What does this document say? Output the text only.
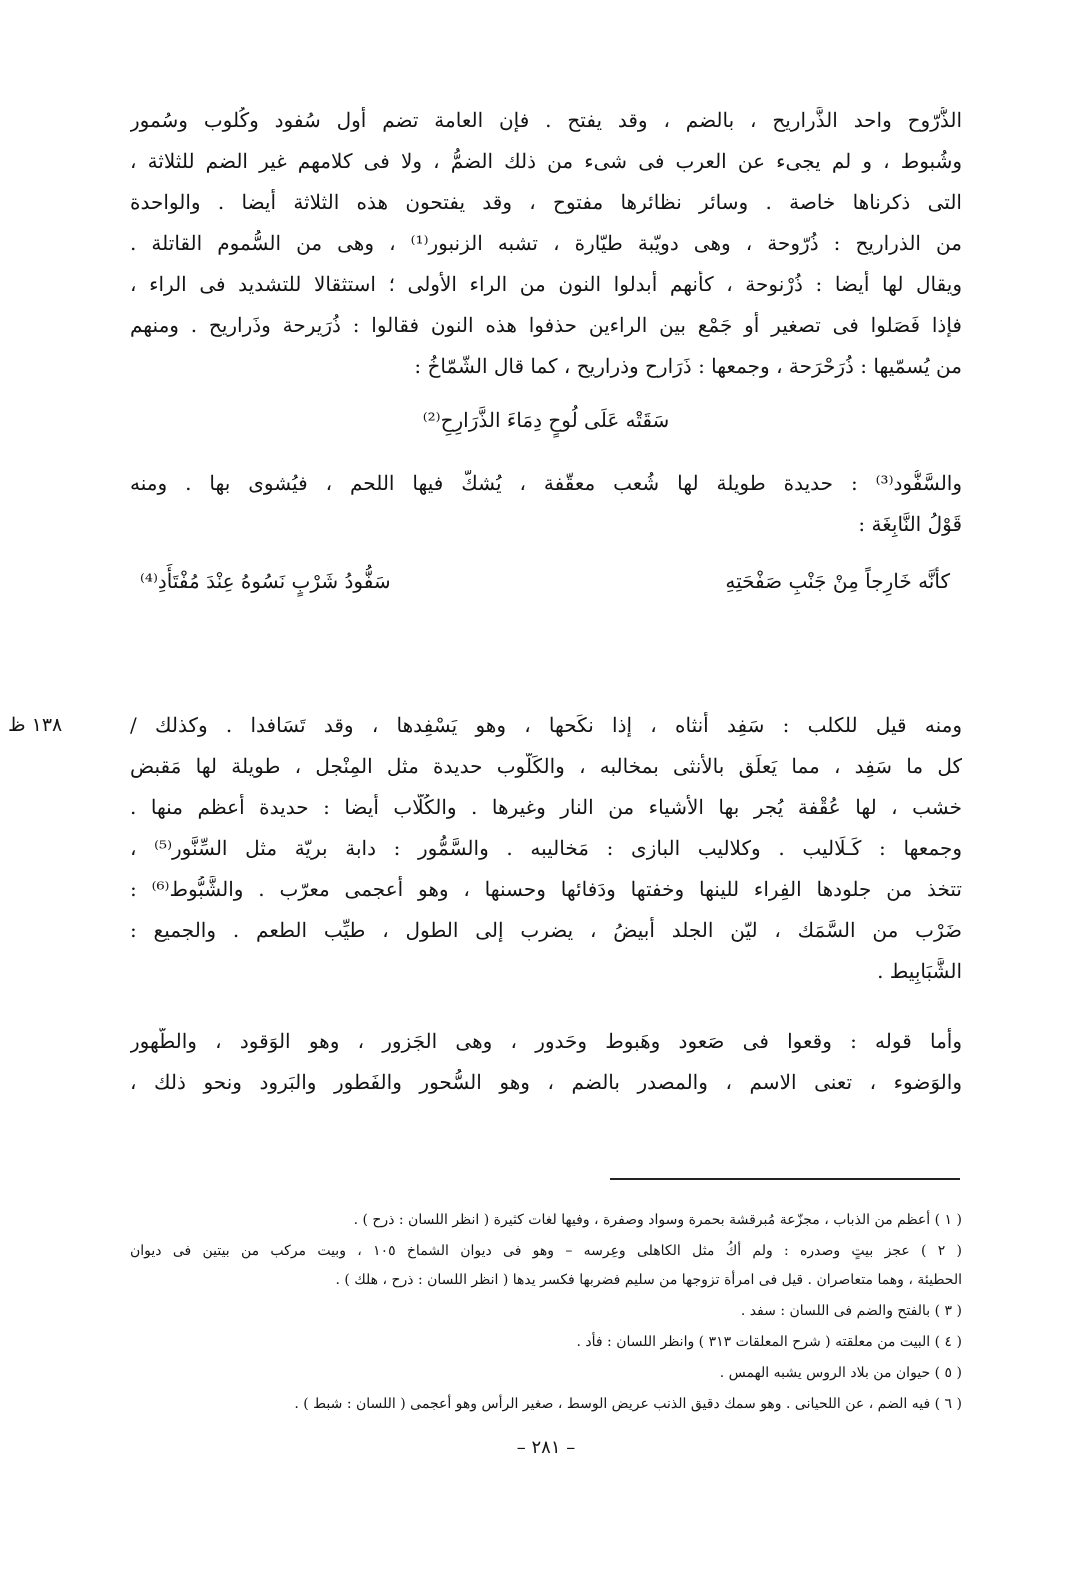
الذُّرّوح واحد الذَّراريح ، بالضم ، وقد يفتح . فإن العامة تضم أول سُفود وكُلوب وسُمور
وشُبوط ، و لم يجىء عن العرب فى شىء من ذلك الضمُّ ، ولا فى كلامهم غير الضم للثلاثة ،
التى ذكرناها خاصة . وسائر نظائرها مفتوح ، وقد يفتحون هذه الثلاثة أيضا . والواحدة
من الذراريح : ذُرّوحة ، وهى دويّبة طيّارة ، تشبه الزنبور⁽¹⁾ ، وهى من السُّموم القاتلة .
ويقال لها أيضا : ذُرْنوحة ، كأنهم أبدلوا النون من الراء الأولى ؛ استثقالا للتشديد فى الراء ،
فإذا فَصَلوا فى تصغير أو جَمْع بين الراءين حذفوا هذه النون فقالوا : ذُرَيرحة وذَراريح . ومنهم
من يُسمّيها : ذُرَحْرَحة ، وجمعها : ذَرَارح وذراريح ، كما قال الشّمّاخُ :
سَقَتْه عَلَى لُوحٍ دِمَاءَ الذَّرَارِحِ⁽²⁾
والسَّفُّود⁽³⁾ : حديدة طويلة لها شُعب معقّفة ، يُشكّ فيها اللحم ، فيُشوى بها . ومنه
قَوْلُ النَّابِغَة :
كأنَّه خَارِجاً مِنْ جَنْبِ صَفْحَتِهِ
سَفُّودُ شَرْبٍ نَسُوهُ عِنْدَ مُفْتَأَدِ⁽⁴⁾
١٣٨ ظ	ومنه قيل للكلب : سَفِد أنثاه ، إذا نكَحها ، وهو يَسْفِدها ، وقد تَسَافدا . وكذلك /
كل ما سَفِد ، مما يَعلَق بالأنثى بمخالبه ، والكَلّوب حديدة مثل المِنْجل ، طويلة لها مَقبض
خشب ، لها عُقْفة يُجر بها الأشياء من النار وغيرها . والكُلّاب أيضا : حديدة أعظم منها .
وجمعها : كَـلَاليب . وكلاليب البازى : مَخاليبه . والسَّمُّور : دابة بريّة مثل السِّنَّور⁽⁵⁾ ،
تتخذ من جلودها الفِراء للينها وخفتها ودَفائها وحسنها ، وهو أعجمى معرّب . والشَّبُّوط⁽⁶⁾ :
ضَرْب من السَّمَك ، ليّن الجلد أبيضُ ، يضرب إلى الطول ، طيِّب الطعم . والجميع :
الشَّبَابِيط .
وأما قوله : وقعوا فى صَعود وهَبوط وحَدور ، وهى الجَزور ، وهو الوَقود ، والطَّهور
والوَضوء ، تعنى الاسم ، والمصدر بالضم ، وهو السُّحور والفَطور والبَرود ونحو ذلك ،
( ١ ) أعظم من الذباب ، مجزّعة مُبرقشة بحمرة وسواد وصفرة ، وفيها لغات كثيرة ( انظر اللسان : ذرح ) .
( ٢ ) عجز بيتٍ وصدره : ولم أكُ مثل الكاهلى وعِرسه – وهو فى ديوان الشماخ ١٠٥ ، وبيت مركب من بيتين فى ديوان
الحطيئة ، وهما متعاصران . قيل فى امرأة تزوجها من سليم فضربها فكسر يدها ( انظر اللسان : ذرح ، هلك ) .
( ٣ ) بالفتح والضم فى اللسان : سفد .
( ٤ ) البيت من معلقته ( شرح المعلقات ٣١٣ ) وانظر اللسان : فأد .
( ٥ ) حيوان من بلاد الروس يشبه الهمس .
( ٦ ) فيه الضم ، عن اللحيانى . وهو سمك دقيق الذنب عريض الوسط ، صغير الرأس وهو أعجمى ( اللسان : شبط ) .
– ٢٨١ –
